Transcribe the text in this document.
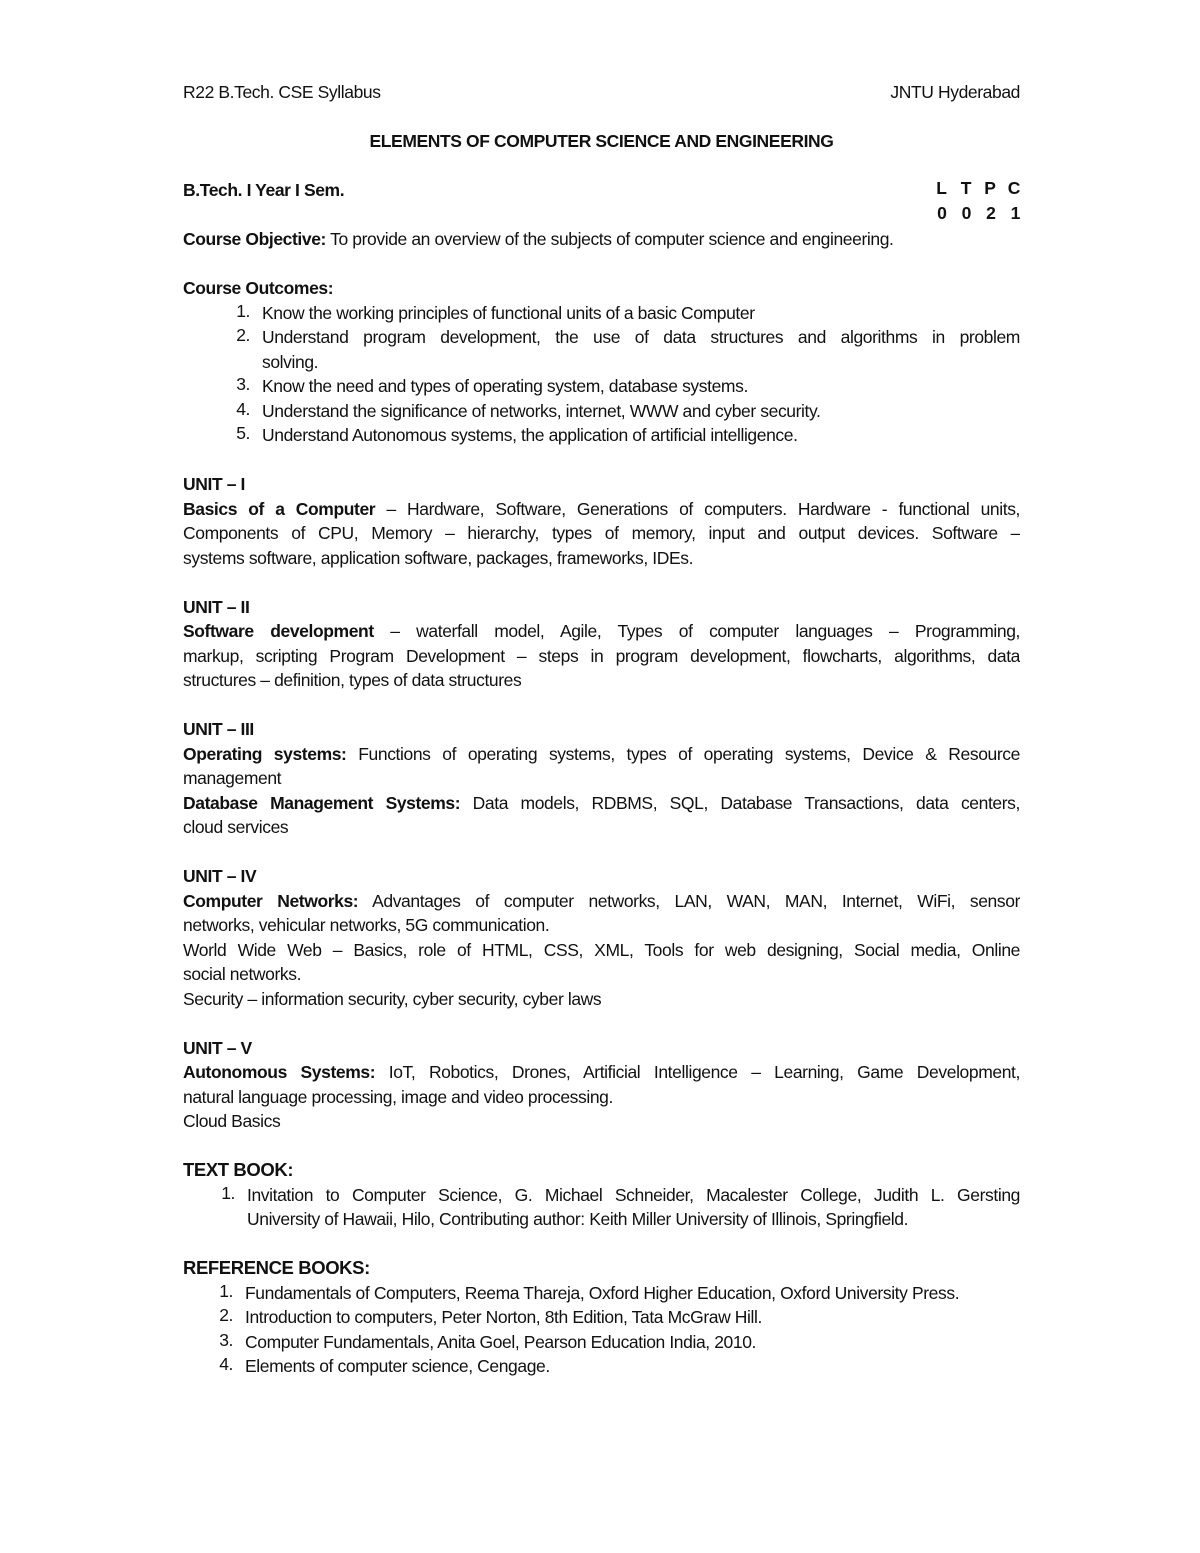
R22 B.Tech. CSE Syllabus	JNTU Hyderabad
ELEMENTS OF COMPUTER SCIENCE AND ENGINEERING
B.Tech. I Year I Sem.	L T P C
0 0 2 1
Course Objective: To provide an overview of the subjects of computer science and engineering.
Course Outcomes:
1. Know the working principles of functional units of a basic Computer
2. Understand program development, the use of data structures and algorithms in problem
solving.
3. Know the need and types of operating system, database systems.
4. Understand the significance of networks, internet, WWW and cyber security.
5. Understand Autonomous systems, the application of artificial intelligence.
UNIT – I
Basics of a Computer – Hardware, Software, Generations of computers. Hardware - functional units,
Components of CPU, Memory – hierarchy, types of memory, input and output devices. Software –
systems software, application software, packages, frameworks, IDEs.
UNIT – II
Software development – waterfall model, Agile, Types of computer languages – Programming,
markup, scripting Program Development – steps in program development, flowcharts, algorithms, data
structures – definition, types of data structures
UNIT – III
Operating systems: Functions of operating systems, types of operating systems, Device & Resource
management
Database Management Systems: Data models, RDBMS, SQL, Database Transactions, data centers,
cloud services
UNIT – IV
Computer Networks: Advantages of computer networks, LAN, WAN, MAN, Internet, WiFi, sensor
networks, vehicular networks, 5G communication.
World Wide Web – Basics, role of HTML, CSS, XML, Tools for web designing, Social media, Online
social networks.
Security – information security, cyber security, cyber laws
UNIT – V
Autonomous Systems: IoT, Robotics, Drones, Artificial Intelligence – Learning, Game Development,
natural language processing, image and video processing.
Cloud Basics
TEXT BOOK:
1. Invitation to Computer Science, G. Michael Schneider, Macalester College, Judith L. Gersting
University of Hawaii, Hilo, Contributing author: Keith Miller University of Illinois, Springfield.
REFERENCE BOOKS:
1. Fundamentals of Computers, Reema Thareja, Oxford Higher Education, Oxford University Press.
2. Introduction to computers, Peter Norton, 8th Edition, Tata McGraw Hill.
3. Computer Fundamentals, Anita Goel, Pearson Education India, 2010.
4. Elements of computer science, Cengage.
